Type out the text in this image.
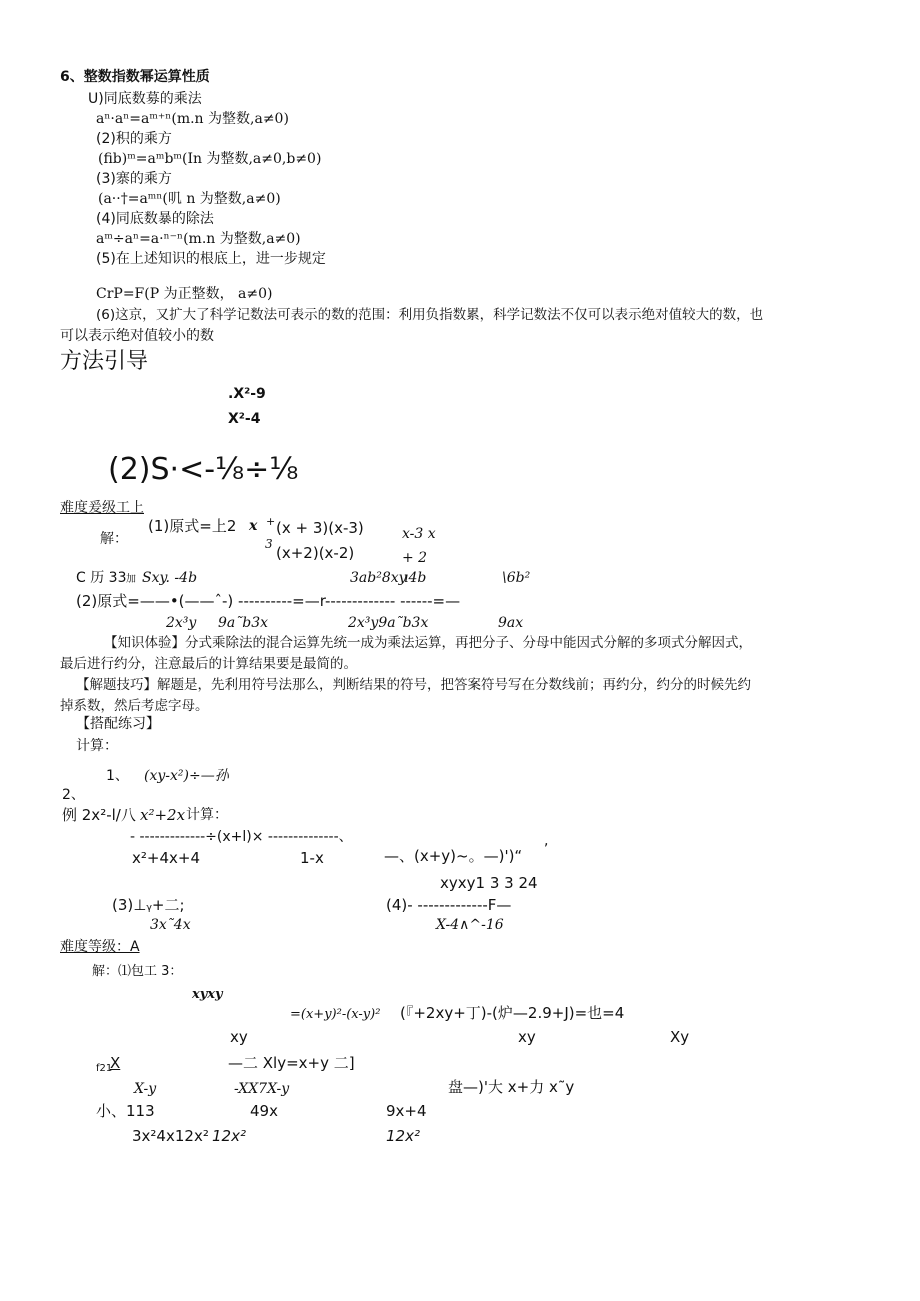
6、整数指数幂运算性质
U)同底数募的乘法
aⁿ·aⁿ=aᵐ⁺ⁿ(m.n 为整数,a≠0)
(2)积的乘方
(fib)ᵐ=aᵐbᵐ(In 为整数,a≠0,b≠0)
(3)寨的乘方
(a··†=aᵐⁿ(叽 n 为整数,a≠0)
(4)同底数暴的除法
aᵐ÷aⁿ=a·ⁿ⁻ⁿ(m.n 为整数,a≠0)
(5)在上述知识的根底上，进一步规定
CrP=F(P 为正整数， a≠0)
(6)这京，又扩大了科学记数法可表示的数的范围：利用负指数累，科学记数法不仅可以表示绝对值较大的数，也
可以表示绝对值较小的数
方法引导
.X²-9
X²-4
(2)S·<-⅛÷⅛
难度爰级工上
(1)原式=上2 x + (x + 3)(x-3)
3 (x+2)(x-2)
解：	x-3 x
+ 2
C 历 33 加 Sxy. -4b	3ab²8xy
ı4b	\6b²
(2)原式=——•(——ˆ-) ----------=—r------------- ------=—
2x³y 9a˜b3x	2x³y9a˜b3x	9ax
【知识体验】分式乘除法的混合运算先统一成为乘法运算，再把分子、分母中能因式分解的多项式分解因式，
最后进行约分，注意最后的计算结果要是最简的。
【解题技巧】解题是，先利用符号法那么，判断结果的符号，把答案符号写在分数线前；再约分，约分的时候先约
掉系数，然后考虑字母。
【搭配练习】
计算：
1、 (xy-x²)÷—孙
2、
例 2x²-l/八 x²+2x 计算：
- -------------÷(x+l)× --------------、	,
x²+4x+4	1-x	—、(x+y)~。—)')“
xyxy1 3 3 24
(3)⊥ᵧ+二;	(4)- -------------F—
3x˜4x	X-4∧^-16
难度等级：A
解：⑴包工 3：
xyxy
=(x+y)²-(x-y)² (『+2xy+丁)-(炉—2.9+J)=也=4
xy	xy	Xy
f21
X	—二 Xly=x+y 二]
X-y	-XX7X-y	盘—)'大 x+力 x˜y
小、113	49x	9x+4
3x²4x12x² 12x²	12x²
